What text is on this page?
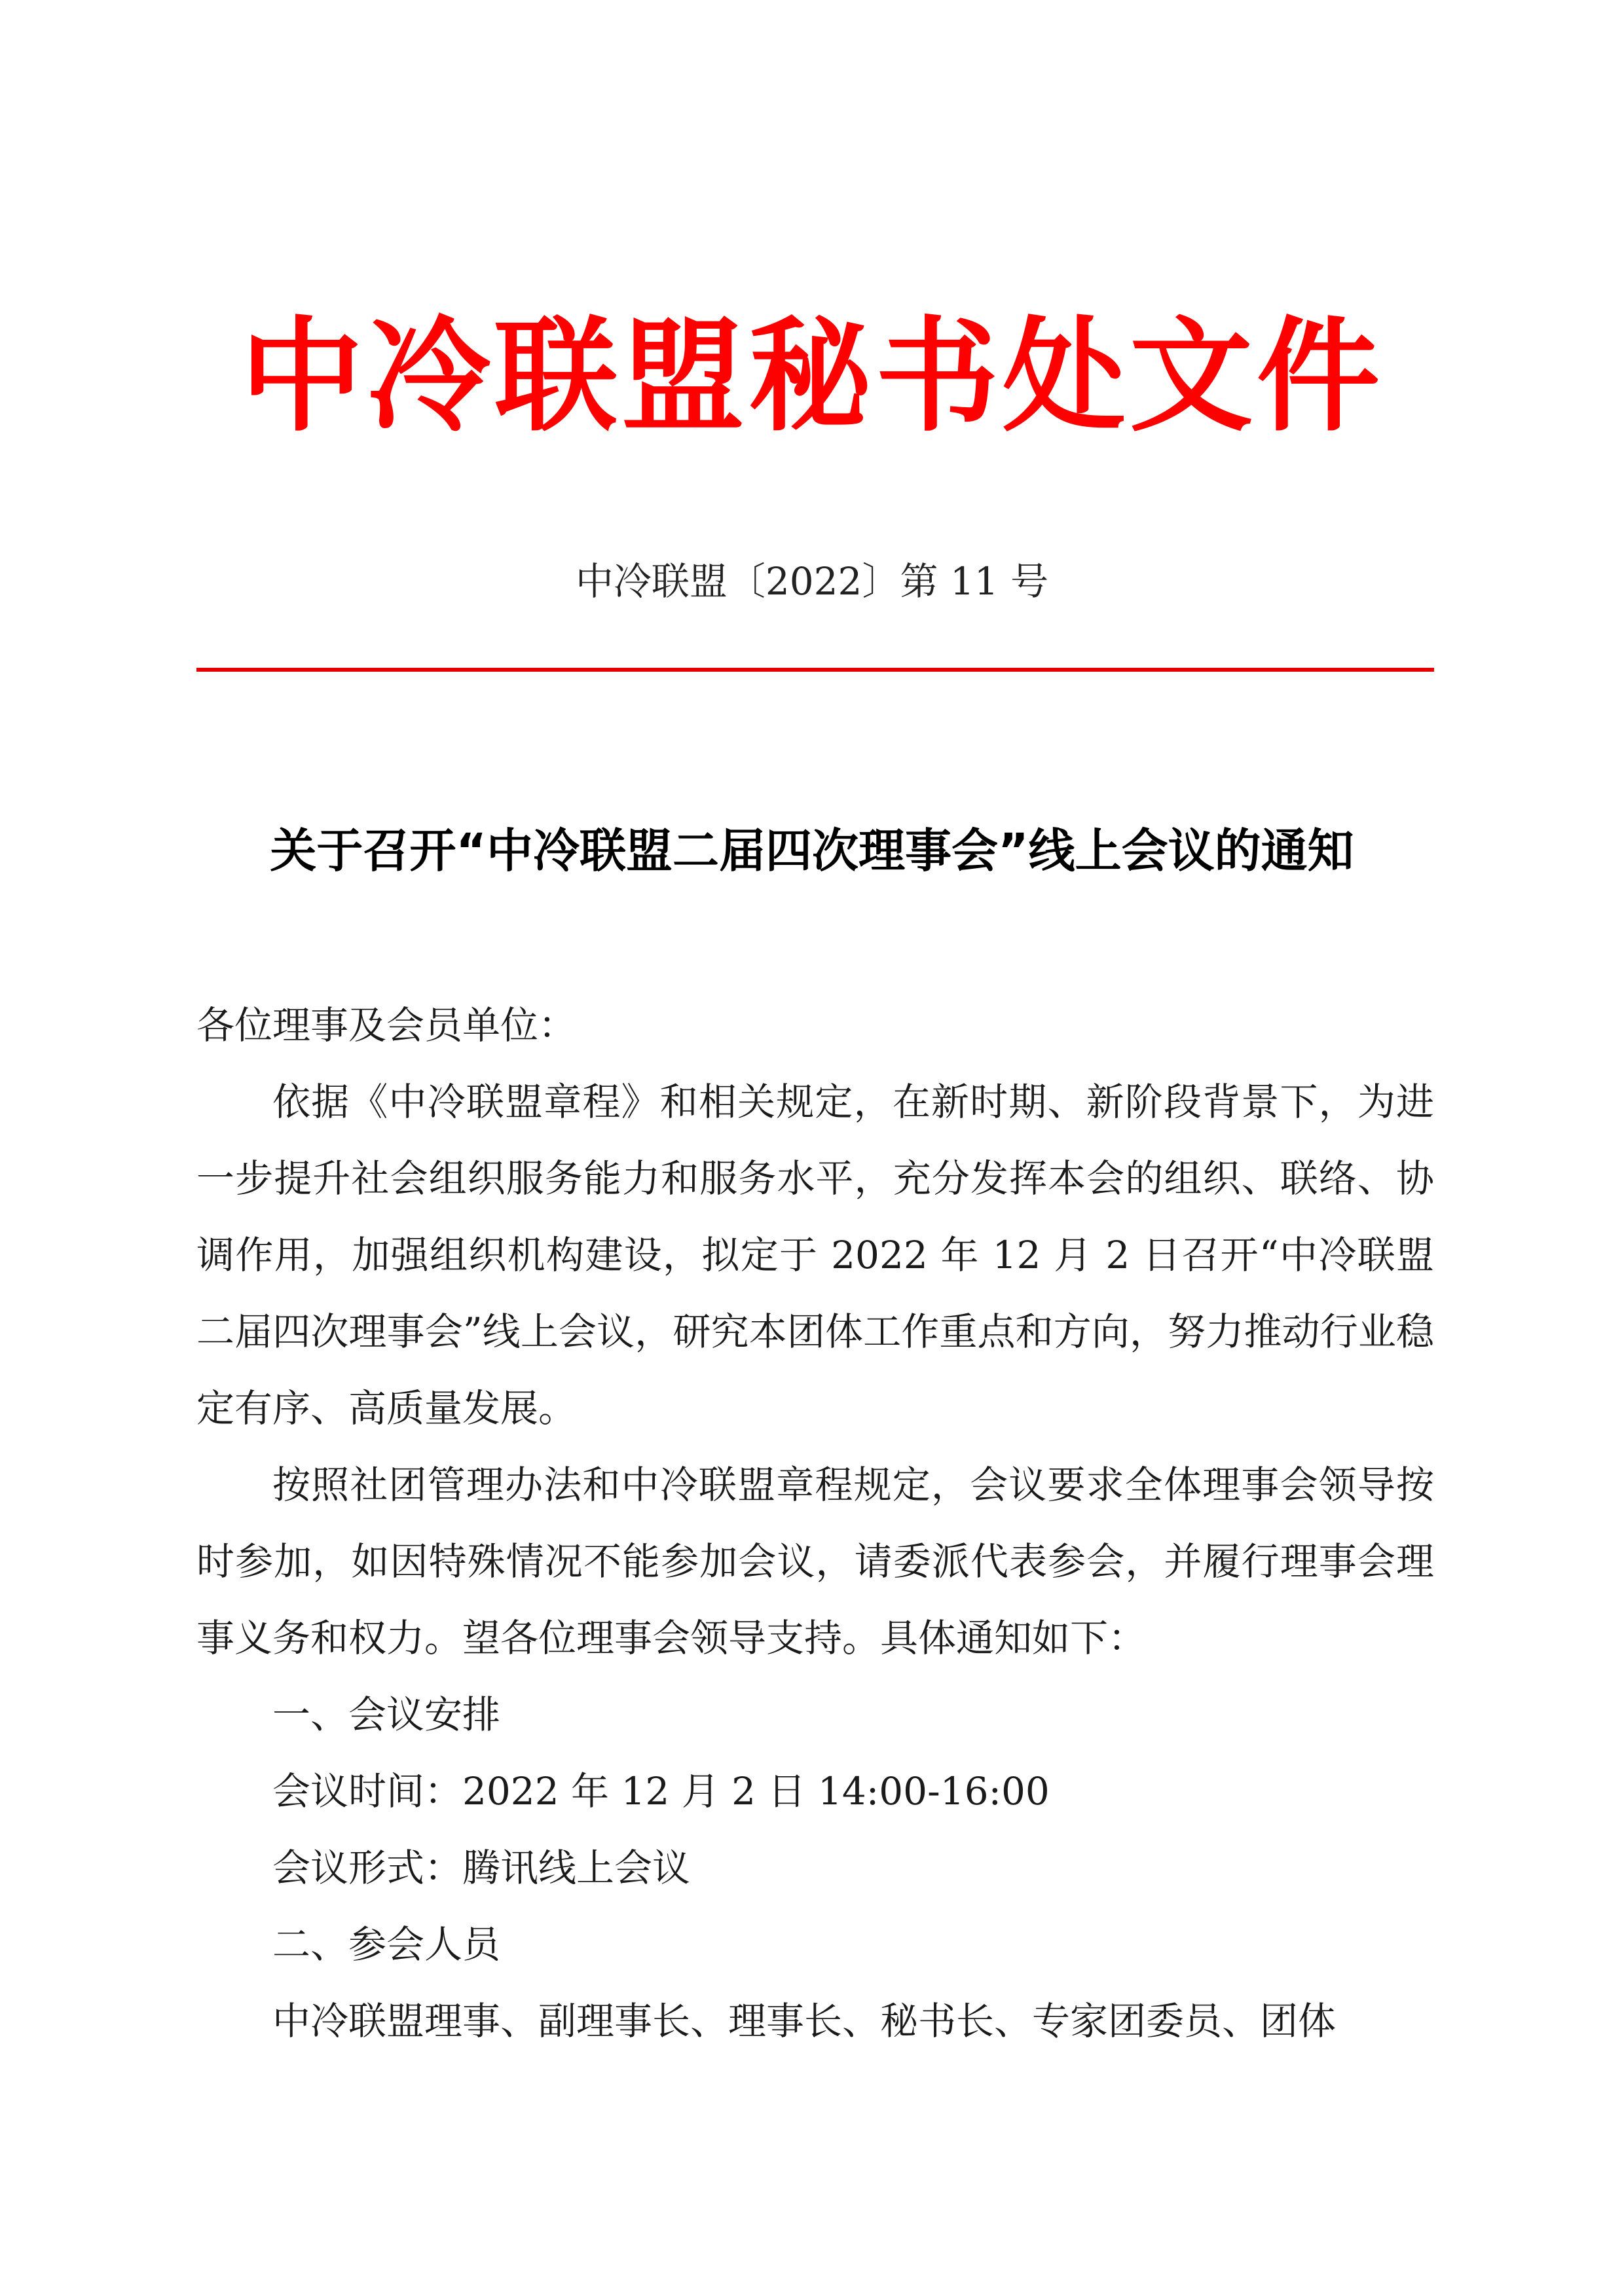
中冷联盟秘书处文件
中冷联盟〔2022〕第 11 号
关于召开“中冷联盟二届四次理事会”线上会议的通知

各位理事及会员单位：

依据《中冷联盟章程》和相关规定，在新时期、新阶段背景下，为进一步提升社会组织服务能力和服务水平，充分发挥本会的组织、联络、协调作用，加强组织机构建设，拟定于 2022 年 12 月 2 日召开“中冷联盟二届四次理事会”线上会议，研究本团体工作重点和方向，努力推动行业稳定有序、高质量发展。

按照社团管理办法和中冷联盟章程规定，会议要求全体理事会领导按时参加，如因特殊情况不能参加会议，请委派代表参会，并履行理事会理事义务和权力。望各位理事会领导支持。具体通知如下：

一、会议安排

会议时间：2022 年 12 月 2 日 14:00-16:00

会议形式：腾讯线上会议

二、参会人员

中冷联盟理事、副理事长、理事长、秘书长、专家团委员、团体
